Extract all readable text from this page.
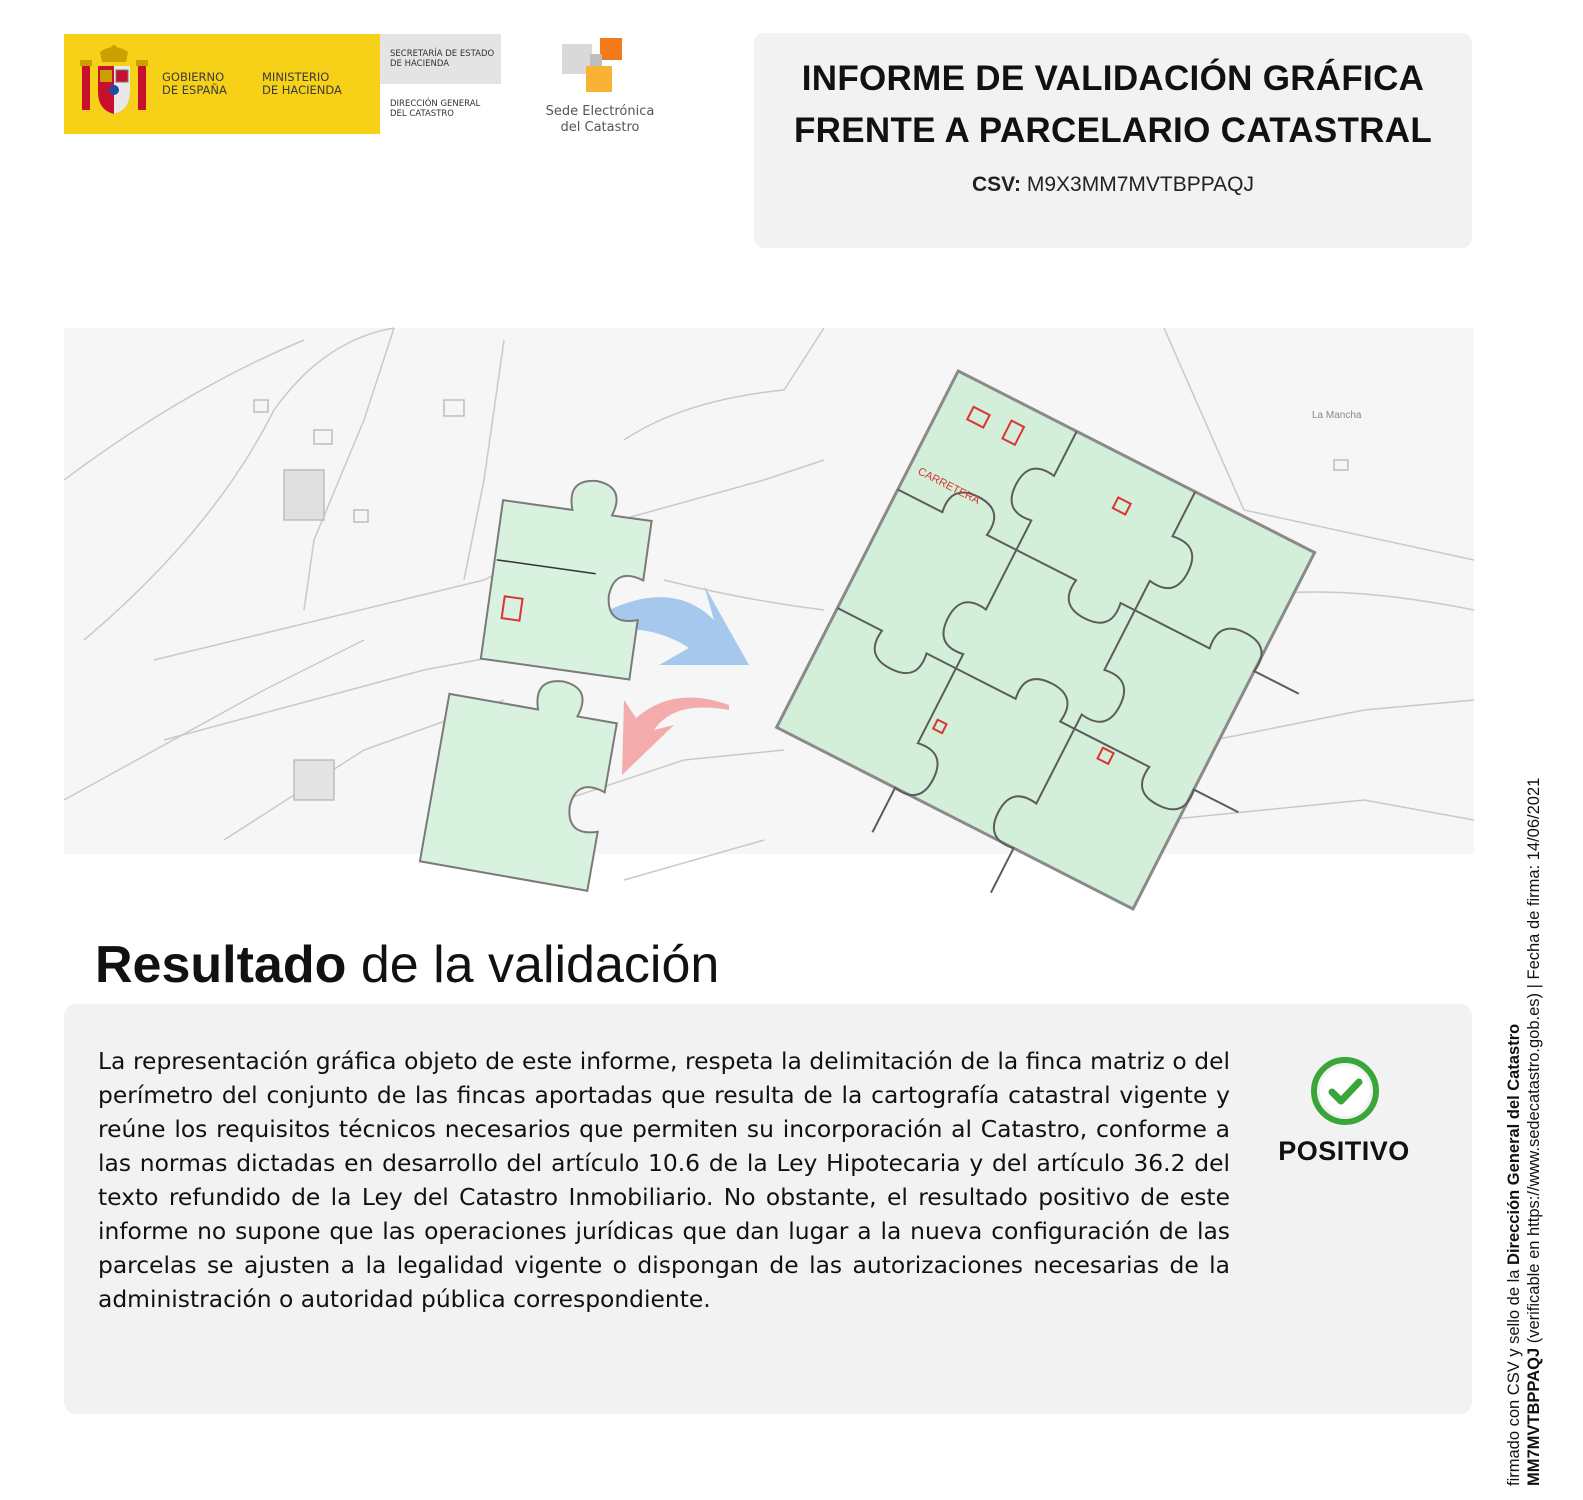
GOBIERNO
DE ESPAÑA
MINISTERIO
DE HACIENDA
SECRETARÍA DE ESTADO
DE HACIENDA
DIRECCIÓN GENERAL
DEL CATASTRO	Sede Electrónica
del Catastro
INFORME DE VALIDACIÓN GRÁFICA
FRENTE A PARCELARIO CATASTRAL
CSV: M9X3MM7MVTBPPAQJ
CARRETERA
La Mancha
Resultado de la validación
La representación gráfica objeto de este informe, respeta la delimitación de la finca matriz o del perímetro del conjunto de las fincas aportadas que resulta de la cartografía catastral vigente y reúne los requisitos técnicos necesarios que permiten su incorporación al Catastro, conforme a las normas dictadas en desarrollo del artículo 10.6 de la Ley Hipotecaria y del artículo 36.2 del texto refundido de la Ley del Catastro Inmobiliario. No obstante, el resultado positivo de este informe no supone que las operaciones jurídicas que dan lugar a la nueva configuración de las parcelas se ajusten a la legalidad vigente o dispongan de las autorizaciones necesarias de la administración o autoridad pública correspondiente.
POSITIVO
firmado con CSV y sello de la Dirección General del Catastro
MM7MVTBPPAQJ (verificable en https://www.sedecatastro.gob.es) | Fecha de firma: 14/06/2021
